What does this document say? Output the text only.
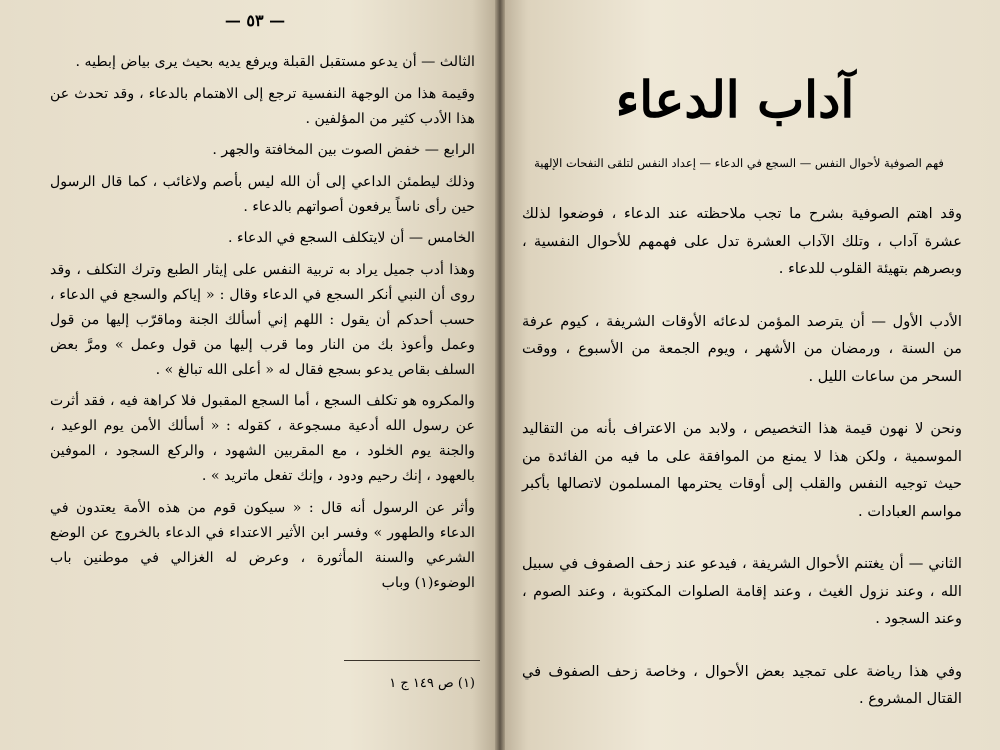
— ٥٣ —

الثالث — أن يدعو مستقبل القبلة ويرفع يديه بحيث يرى بياض إبطيه .

وقيمة هذا من الوجهة النفسية ترجع إلى الاهتمام بالدعاء ، وقد تحدث عن هذا الأدب كثير من المؤلفين .

الرابع — خفض الصوت بين المخافتة والجهر .

وذلك ليطمئن الداعي إلى أن الله ليس بأصم ولاغائب ، كما قال الرسول حين رأى ناساً يرفعون أصواتهم بالدعاء .

الخامس — أن لايتكلف السجع في الدعاء .

وهذا أدب جميل يراد به تربية النفس على إيثار الطبع وترك التكلف ، وقد روى أن النبي أنكر السجع في الدعاء وقال : « إياكم والسجع في الدعاء ، حسب أحدكم أن يقول : اللهم إني أسألك الجنة وماقرّب إليها من قول وعمل وأعوذ بك من النار وما قرب إليها من قول وعمل » ومرَّ بعض السلف بقاص يدعو بسجع فقال له « أعلى الله تبالغ » .

والمكروه هو تكلف السجع ، أما السجع المقبول فلا كراهة فيه ، فقد أثرت عن رسول الله أدعية مسجوعة ، كقوله : « أسألك الأمن يوم الوعيد ، والجنة يوم الخلود ، مع المقربين الشهود ، والركع السجود ، الموفين بالعهود ، إنك رحيم ودود ، وإنك تفعل ماتريد » .

وأثر عن الرسول أنه قال : « سيكون قوم من هذه الأمة يعتدون في الدعاء والطهور » وفسر ابن الأثير الاعتداء في الدعاء بالخروج عن الوضع الشرعي والسنة المأثورة ، وعرض له الغزالي في موطنين باب الوضوء(١) وباب

(١) ص ١٤٩ ج ١
آداب الدعاء
فهم الصوفية لأحوال النفس — السجع في الدعاء — إعداد النفس لتلقى النفحات الإلهية

وقد اهتم الصوفية بشرح ما تجب ملاحظته عند الدعاء ، فوضعوا لذلك عشرة آداب ، وتلك الآداب العشرة تدل على فهمهم للأحوال النفسية ، وبصرهم بتهيئة القلوب للدعاء .

الأدب الأول — أن يترصد المؤمن لدعائه الأوقات الشريفة ، كيوم عرفة من السنة ، ورمضان من الأشهر ، ويوم الجمعة من الأسبوع ، ووقت السحر من ساعات الليل .

ونحن لا نهون قيمة هذا التخصيص ، ولابد من الاعتراف بأنه من التقاليد الموسمية ، ولكن هذا لا يمنع من الموافقة على ما فيه من الفائدة من حيث توجيه النفس والقلب إلى أوقات يحترمها المسلمون لاتصالها بأكبر مواسم العبادات .

الثاني — أن يغتنم الأحوال الشريفة ، فيدعو عند زحف الصفوف في سبيل الله ، وعند نزول الغيث ، وعند إقامة الصلوات المكتوبة ، وعند الصوم ، وعند السجود .

وفي هذا رياضة على تمجيد بعض الأحوال ، وخاصة زحف الصفوف في القتال المشروع .
